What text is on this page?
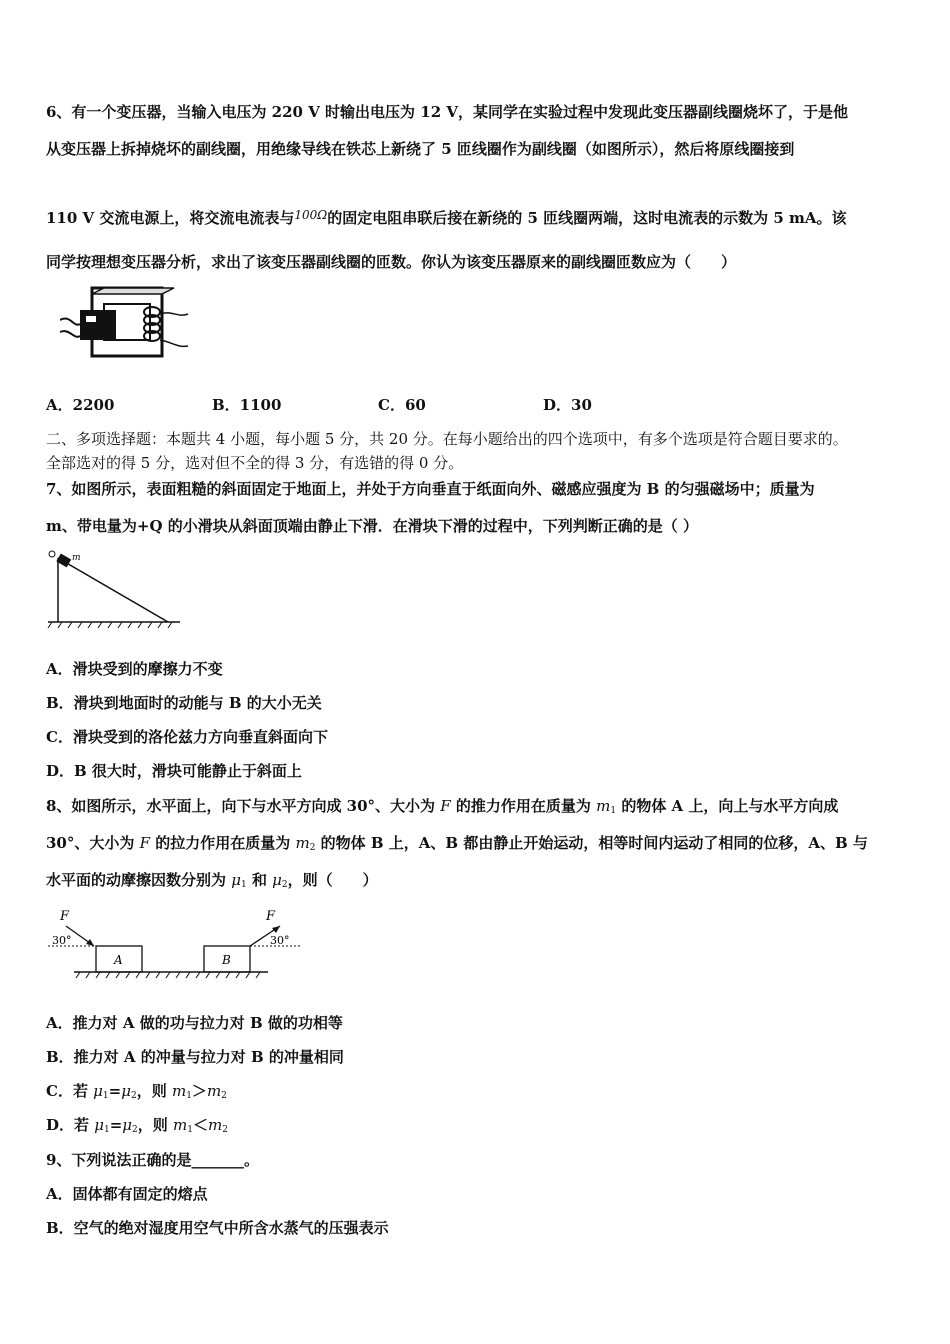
6、有一个变压器，当输入电压为 220 V 时输出电压为 12 V，某同学在实验过程中发现此变压器副线圈烧坏了，于是他
从变压器上拆掉烧坏的副线圈，用绝缘导线在铁芯上新绕了 5 匝线圈作为副线圈（如图所示），然后将原线圈接到
110 V 交流电源上，将交流电流表与$^{100\Omega}$的固定电阻串联后接在新绕的 5 匝线圈两端，这时电流表的示数为 5 mA。该
同学按理想变压器分析，求出了该变压器副线圈的匝数。你认为该变压器原来的副线圈匝数应为（　　）
A．2200	B．1100	C．60	D．30
二、多项选择题：本题共 4 小题，每小题 5 分，共 20 分。在每小题给出的四个选项中，有多个选项是符合题目要求的。
全部选对的得 5 分，选对但不全的得 3 分，有选错的得 0 分。
7、如图所示，表面粗糙的斜面固定于地面上，并处于方向垂直于纸面向外、磁感应强度为 B 的匀强磁场中；质量为
m、带电量为+Q 的小滑块从斜面顶端由静止下滑．在滑块下滑的过程中，下列判断正确的是（ ）
m
A．滑块受到的摩擦力不变
B．滑块到地面时的动能与 B 的大小无关
C．滑块受到的洛伦兹力方向垂直斜面向下
D．B 很大时，滑块可能静止于斜面上
8、如图所示，水平面上，向下与水平方向成 30°、大小为 F 的推力作用在质量为 $m_1$ 的物体 A 上，向上与水平方向成
30°、大小为 F 的拉力作用在质量为 $m_2$ 的物体 B 上，A、B 都由静止开始运动，相等时间内运动了相同的位移，A、B 与
水平面的动摩擦因数分别为 $\mu_1$ 和 $\mu_2$，则（　　）
F
30°
A	B
F
30°
A．推力对 A 做的功与拉力对 B 做的功相等
B．推力对 A 的冲量与拉力对 B 的冲量相同
C．若 $\mu_1=\mu_2$，则 $m_1>m_2$
D．若 $\mu_1=\mu_2$，则 $m_1<m_2$
9、下列说法正确的是_______。
A．固体都有固定的熔点
B．空气的绝对湿度用空气中所含水蒸气的压强表示
